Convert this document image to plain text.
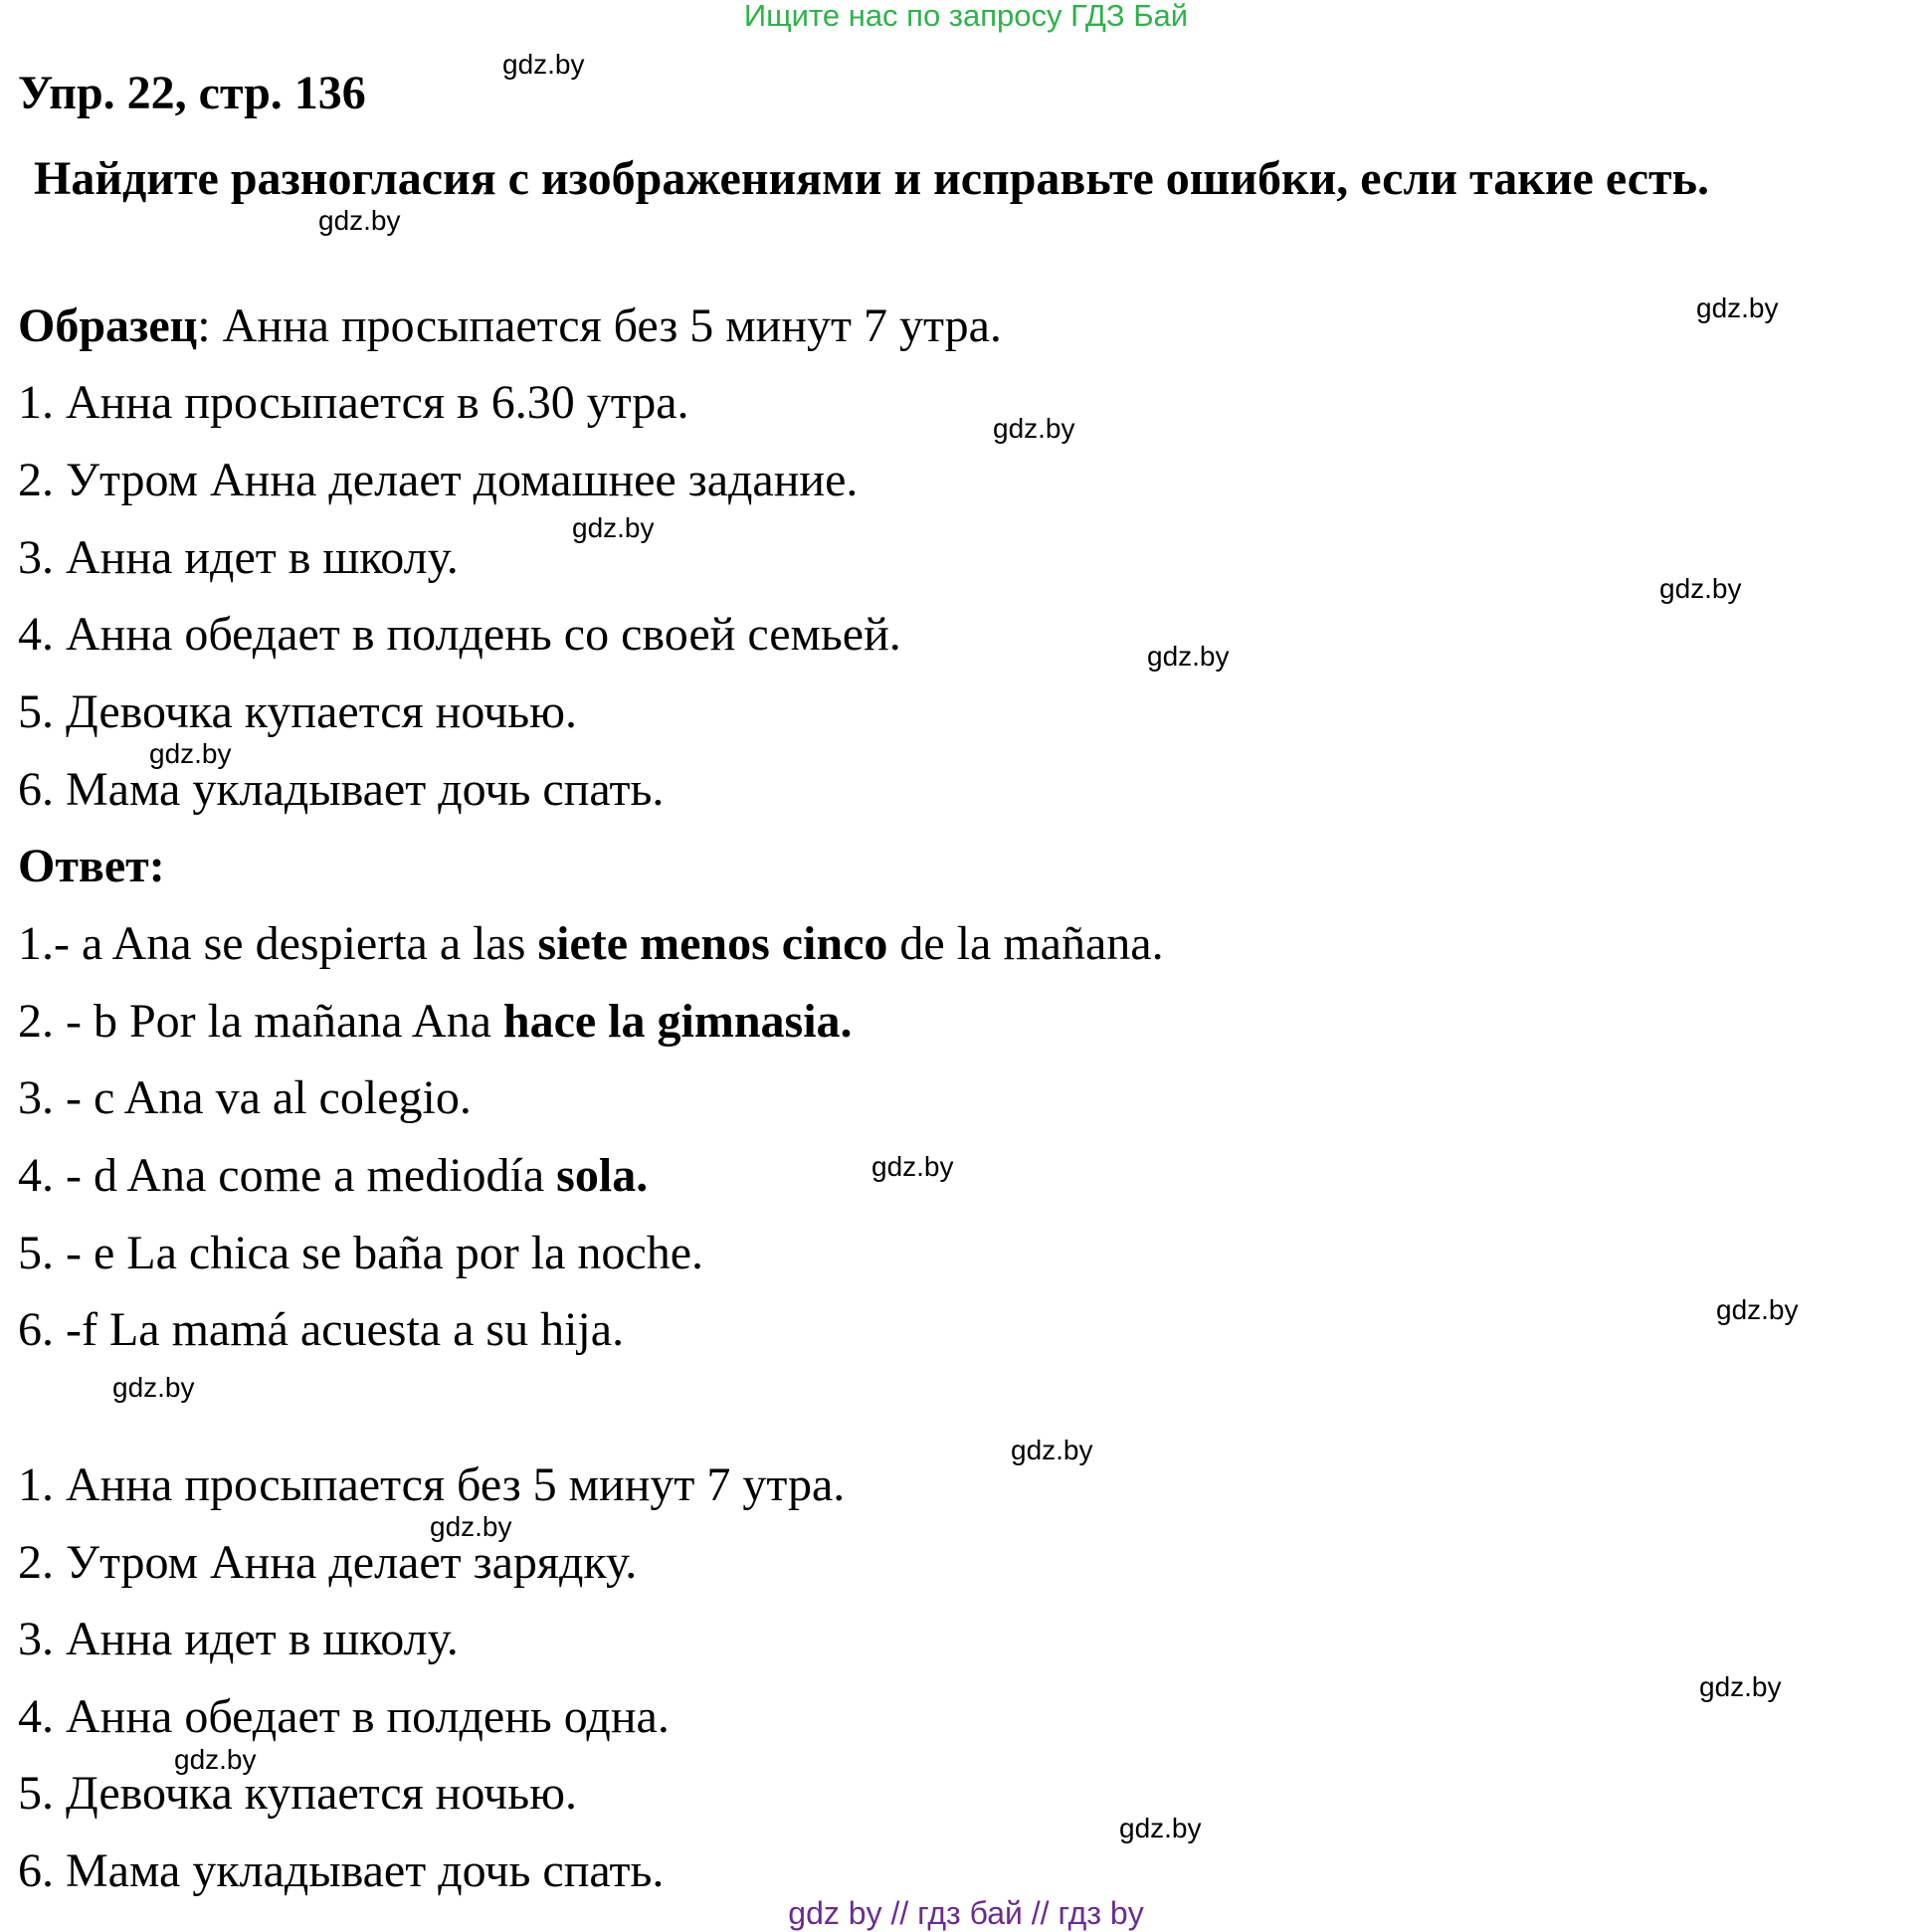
Ищите нас по запросу ГДЗ Бай
Упр. 22, стр. 136
Найдите разногласия с изображениями и исправьте ошибки, если такие есть.
Образец: Анна просыпается без 5 минут 7 утра.
1. Анна просыпается в 6.30 утра.
2. Утром Анна делает домашнее задание.
3. Анна идет в школу.
4. Анна обедает в полдень со своей семьей.
5. Девочка купается ночью.
6. Мама укладывает дочь спать.
Ответ:
1.- a Ana se despierta a las siete menos cinco de la mañana.
2. - b Por la mañana Ana hace la gimnasia.
3. - c Ana va al colegio.
4. - d Ana come a mediodía sola.
5. - e La chica se baña por la noche.
6. -f La mamá acuesta a su hija.
1. Анна просыпается без 5 минут 7 утра.
2. Утром Анна делает зарядку.
3. Анна идет в школу.
4. Анна обедает в полдень одна.
5. Девочка купается ночью.
6. Мама укладывает дочь спать.
gdz.by
gdz.by
gdz.by
gdz.by
gdz.by
gdz.by
gdz.by
gdz.by
gdz.by
gdz.by
gdz.by
gdz.by
gdz.by
gdz.by
gdz.by
gdz.by
gdz by // гдз бай // гдз by
